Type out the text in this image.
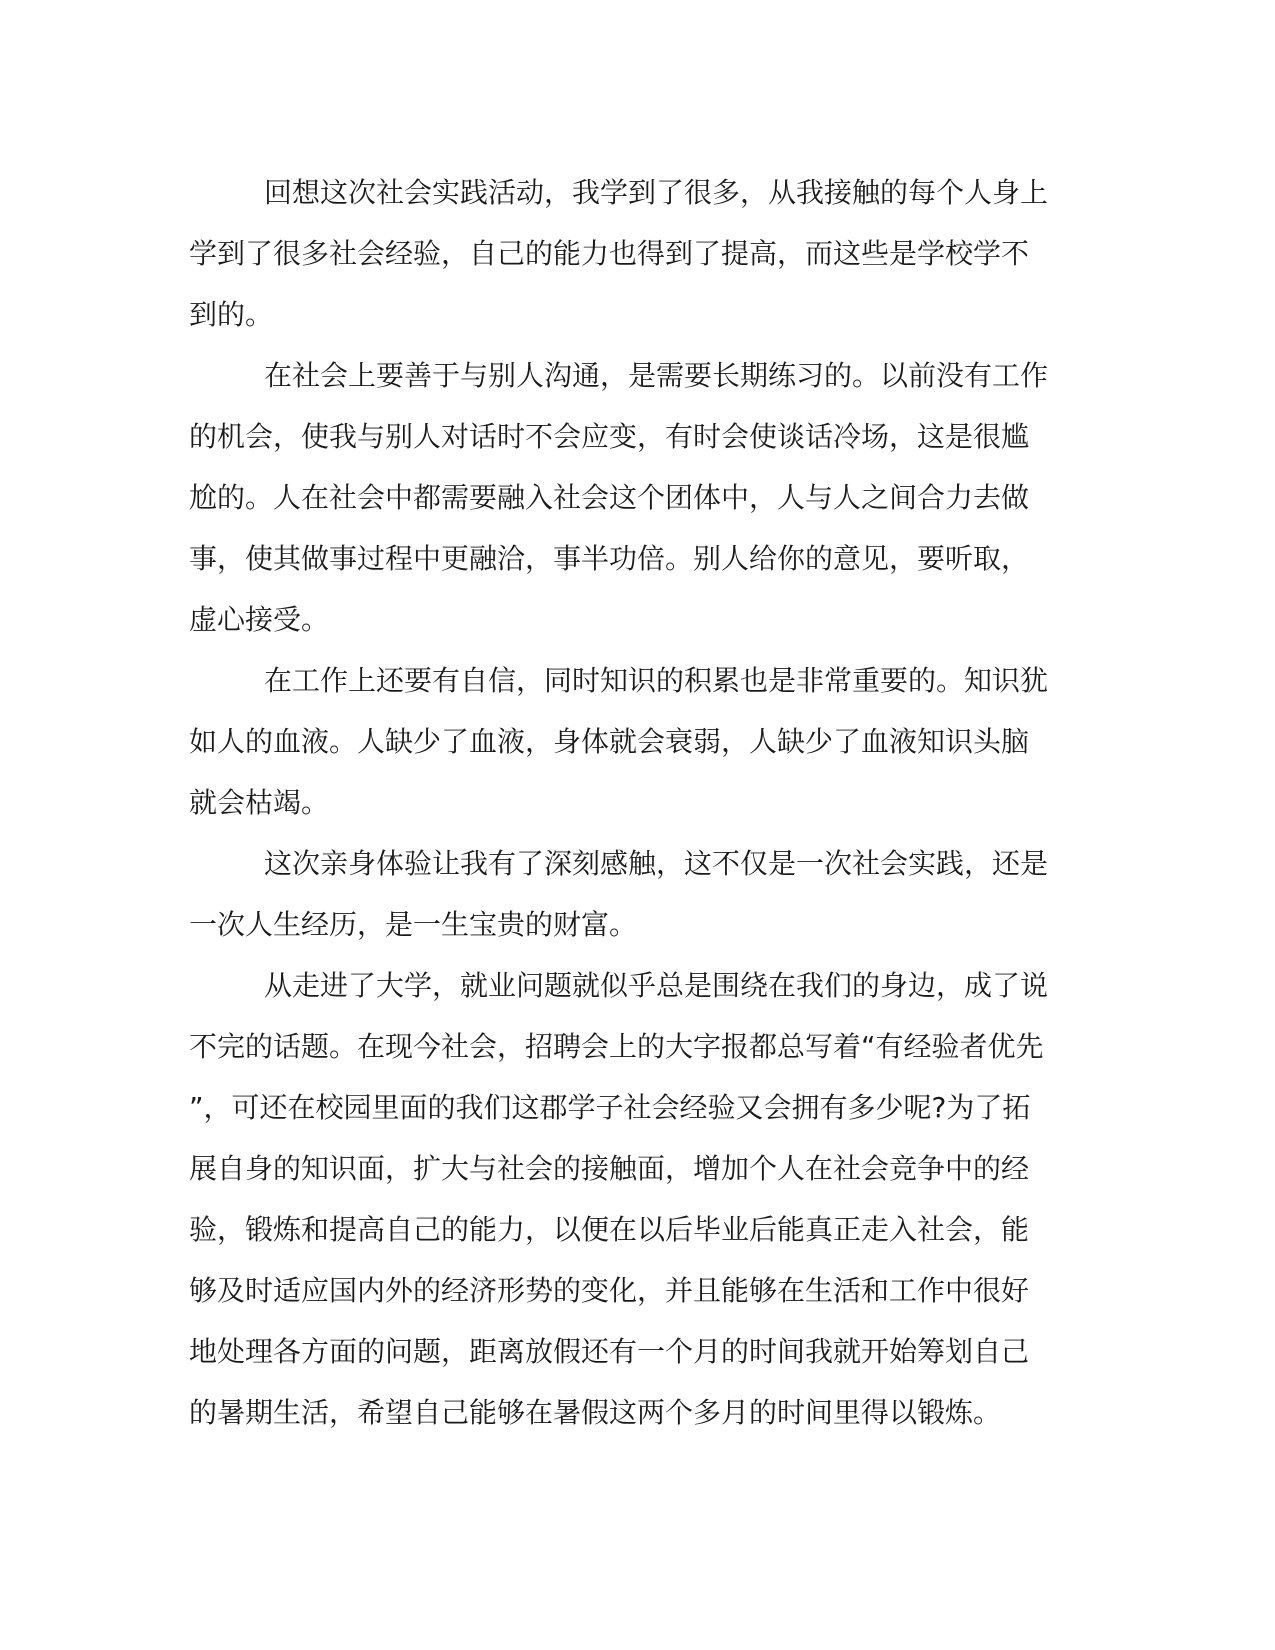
回想这次社会实践活动，我学到了很多，从我接触的每个人身上
学到了很多社会经验，自己的能力也得到了提高，而这些是学校学不
到的。
在社会上要善于与别人沟通，是需要长期练习的。以前没有工作
的机会，使我与别人对话时不会应变，有时会使谈话冷场，这是很尴
尬的。人在社会中都需要融入社会这个团体中，人与人之间合力去做
事，使其做事过程中更融洽，事半功倍。别人给你的意见，要听取，
虚心接受。
在工作上还要有自信，同时知识的积累也是非常重要的。知识犹
如人的血液。人缺少了血液，身体就会衰弱，人缺少了血液知识头脑
就会枯竭。
这次亲身体验让我有了深刻感触，这不仅是一次社会实践，还是
一次人生经历，是一生宝贵的财富。
从走进了大学，就业问题就似乎总是围绕在我们的身边，成了说
不完的话题。在现今社会，招聘会上的大字报都总写着“有经验者优先
”，可还在校园里面的我们这郡学子社会经验又会拥有多少呢?为了拓
展自身的知识面，扩大与社会的接触面，增加个人在社会竞争中的经
验，锻炼和提高自己的能力，以便在以后毕业后能真正走入社会，能
够及时适应国内外的经济形势的变化，并且能够在生活和工作中很好
地处理各方面的问题，距离放假还有一个月的时间我就开始筹划自己
的暑期生活，希望自己能够在暑假这两个多月的时间里得以锻炼。
